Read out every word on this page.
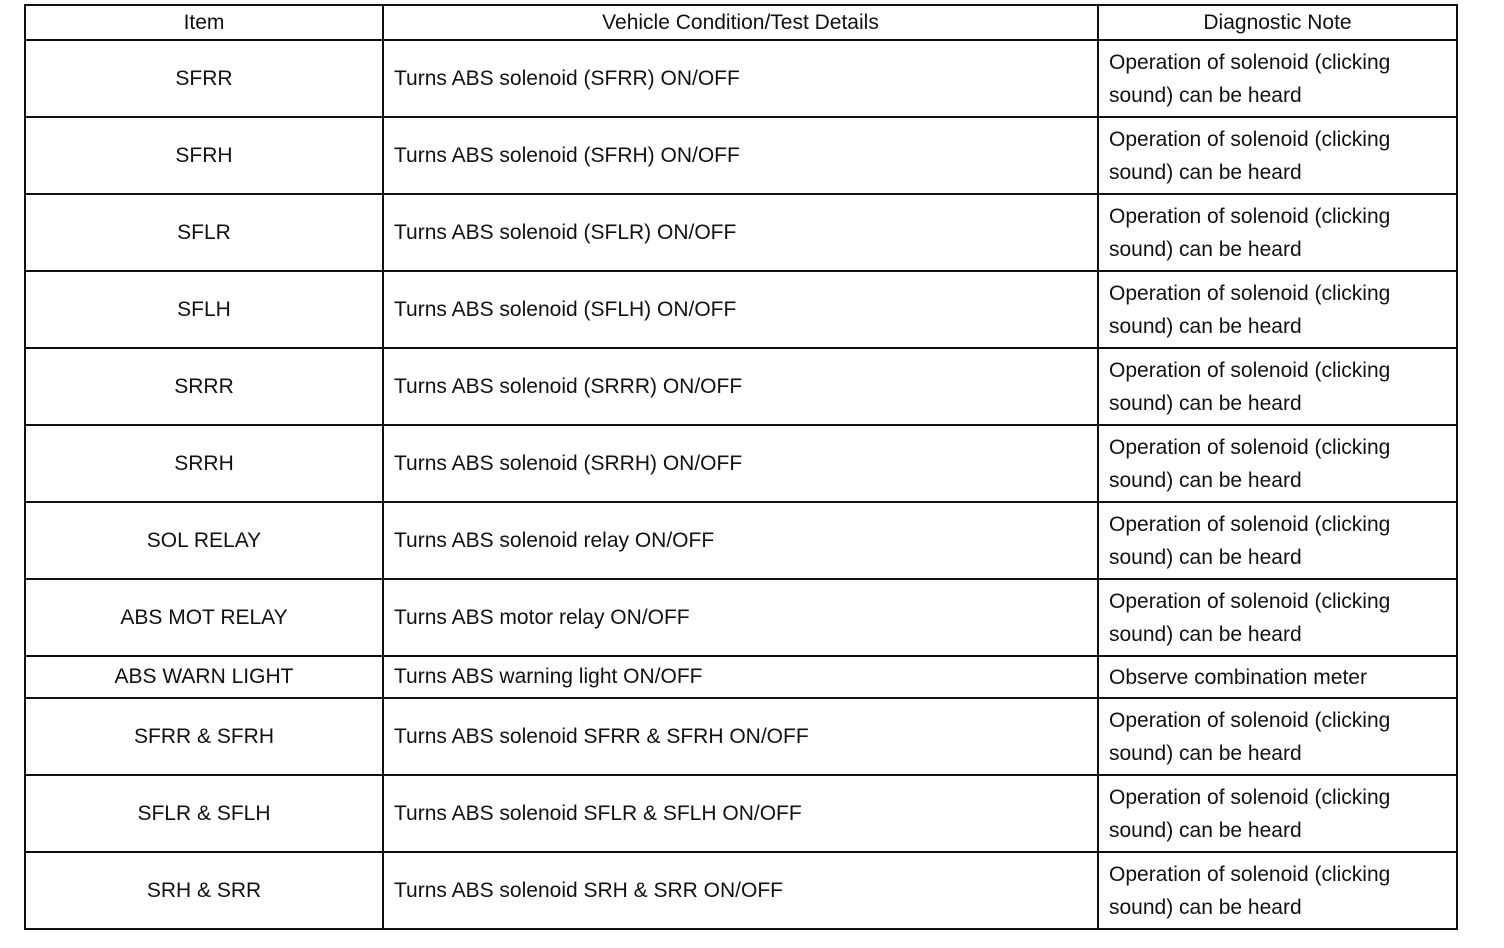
Item	Vehicle Condition/Test Details	Diagnostic Note
SFRR	Turns ABS solenoid (SFRR) ON/OFF	Operation of solenoid (clicking sound) can be heard
SFRH	Turns ABS solenoid (SFRH) ON/OFF	Operation of solenoid (clicking sound) can be heard
SFLR	Turns ABS solenoid (SFLR) ON/OFF	Operation of solenoid (clicking sound) can be heard
SFLH	Turns ABS solenoid (SFLH) ON/OFF	Operation of solenoid (clicking sound) can be heard
SRRR	Turns ABS solenoid (SRRR) ON/OFF	Operation of solenoid (clicking sound) can be heard
SRRH	Turns ABS solenoid (SRRH) ON/OFF	Operation of solenoid (clicking sound) can be heard
SOL RELAY	Turns ABS solenoid relay ON/OFF	Operation of solenoid (clicking sound) can be heard
ABS MOT RELAY	Turns ABS motor relay ON/OFF	Operation of solenoid (clicking sound) can be heard
ABS WARN LIGHT	Turns ABS warning light ON/OFF	Observe combination meter
SFRR & SFRH	Turns ABS solenoid SFRR & SFRH ON/OFF	Operation of solenoid (clicking sound) can be heard
SFLR & SFLH	Turns ABS solenoid SFLR & SFLH ON/OFF	Operation of solenoid (clicking sound) can be heard
SRH & SRR	Turns ABS solenoid SRH & SRR ON/OFF	Operation of solenoid (clicking sound) can be heard
